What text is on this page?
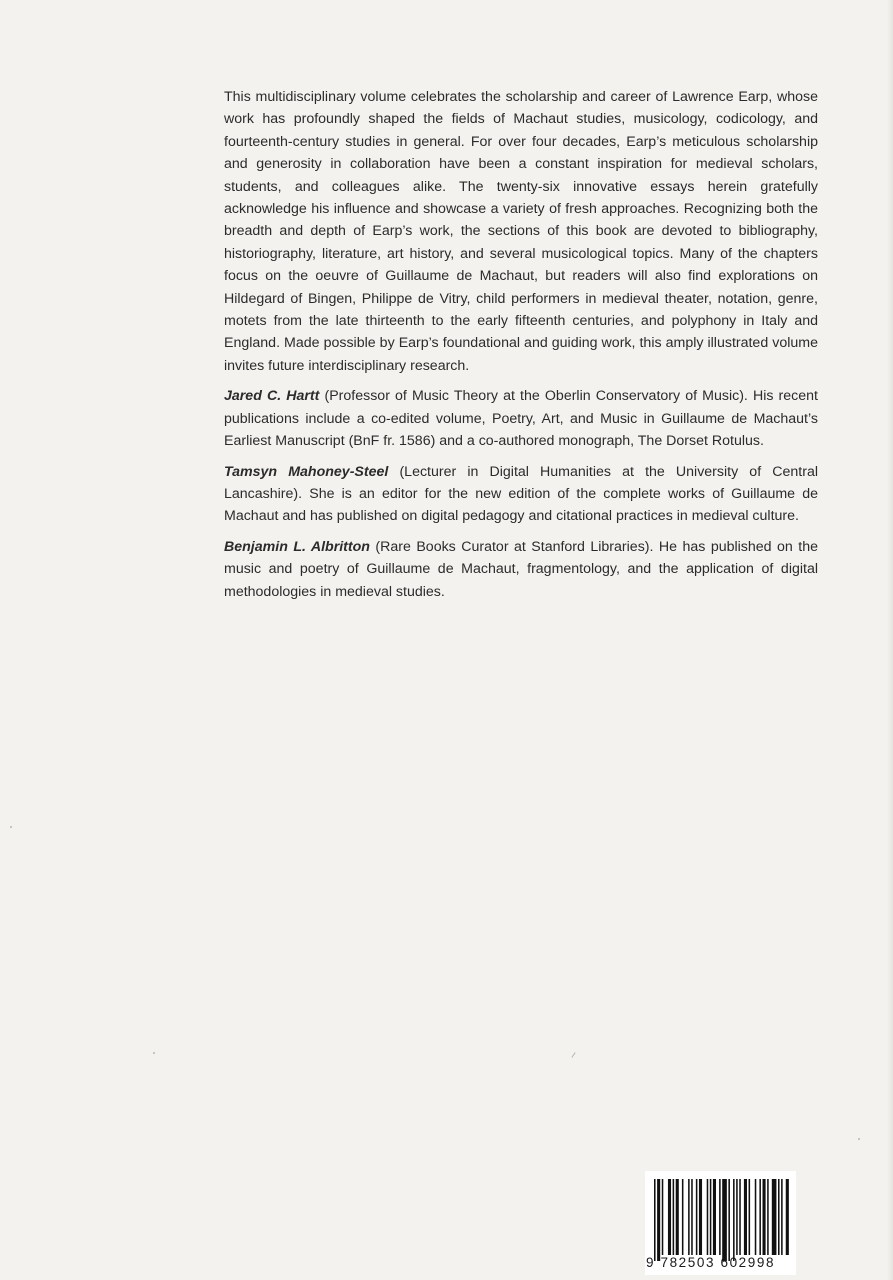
This multidisciplinary volume celebrates the scholarship and career of Lawrence Earp, whose work has profoundly shaped the fields of Machaut studies, musicology, codicology, and fourteenth-century studies in general. For over four decades, Earp’s meticulous scholarship and generosity in collaboration have been a constant inspiration for medieval scholars, students, and colleagues alike. The twenty-six innovative essays herein gratefully acknowledge his influence and showcase a variety of fresh approaches. Recognizing both the breadth and depth of Earp’s work, the sections of this book are devoted to bibliography, historiography, literature, art history, and several musicological topics. Many of the chapters focus on the oeuvre of Guillaume de Machaut, but readers will also find explorations on Hildegard of Bingen, Philippe de Vitry, child performers in medieval theater, notation, genre, motets from the late thirteenth to the early fifteenth centuries, and polyphony in Italy and England. Made possible by Earp’s foundational and guiding work, this amply illustrated volume invites future interdisciplinary research.

Jared C. Hartt (Professor of Music Theory at the Oberlin Conservatory of Music). His recent publications include a co-edited volume, Poetry, Art, and Music in Guillaume de Machaut’s Earliest Manuscript (BnF fr. 1586) and a co-authored monograph, The Dorset Rotulus.

Tamsyn Mahoney-Steel (Lecturer in Digital Humanities at the University of Central Lancashire). She is an editor for the new edition of the complete works of Guillaume de Machaut and has published on digital pedagogy and citational practices in medieval culture.

Benjamin L. Albritton (Rare Books Curator at Stanford Libraries). He has published on the music and poetry of Guillaume de Machaut, fragmentology, and the application of digital methodologies in medieval studies.

9 782503 602998
